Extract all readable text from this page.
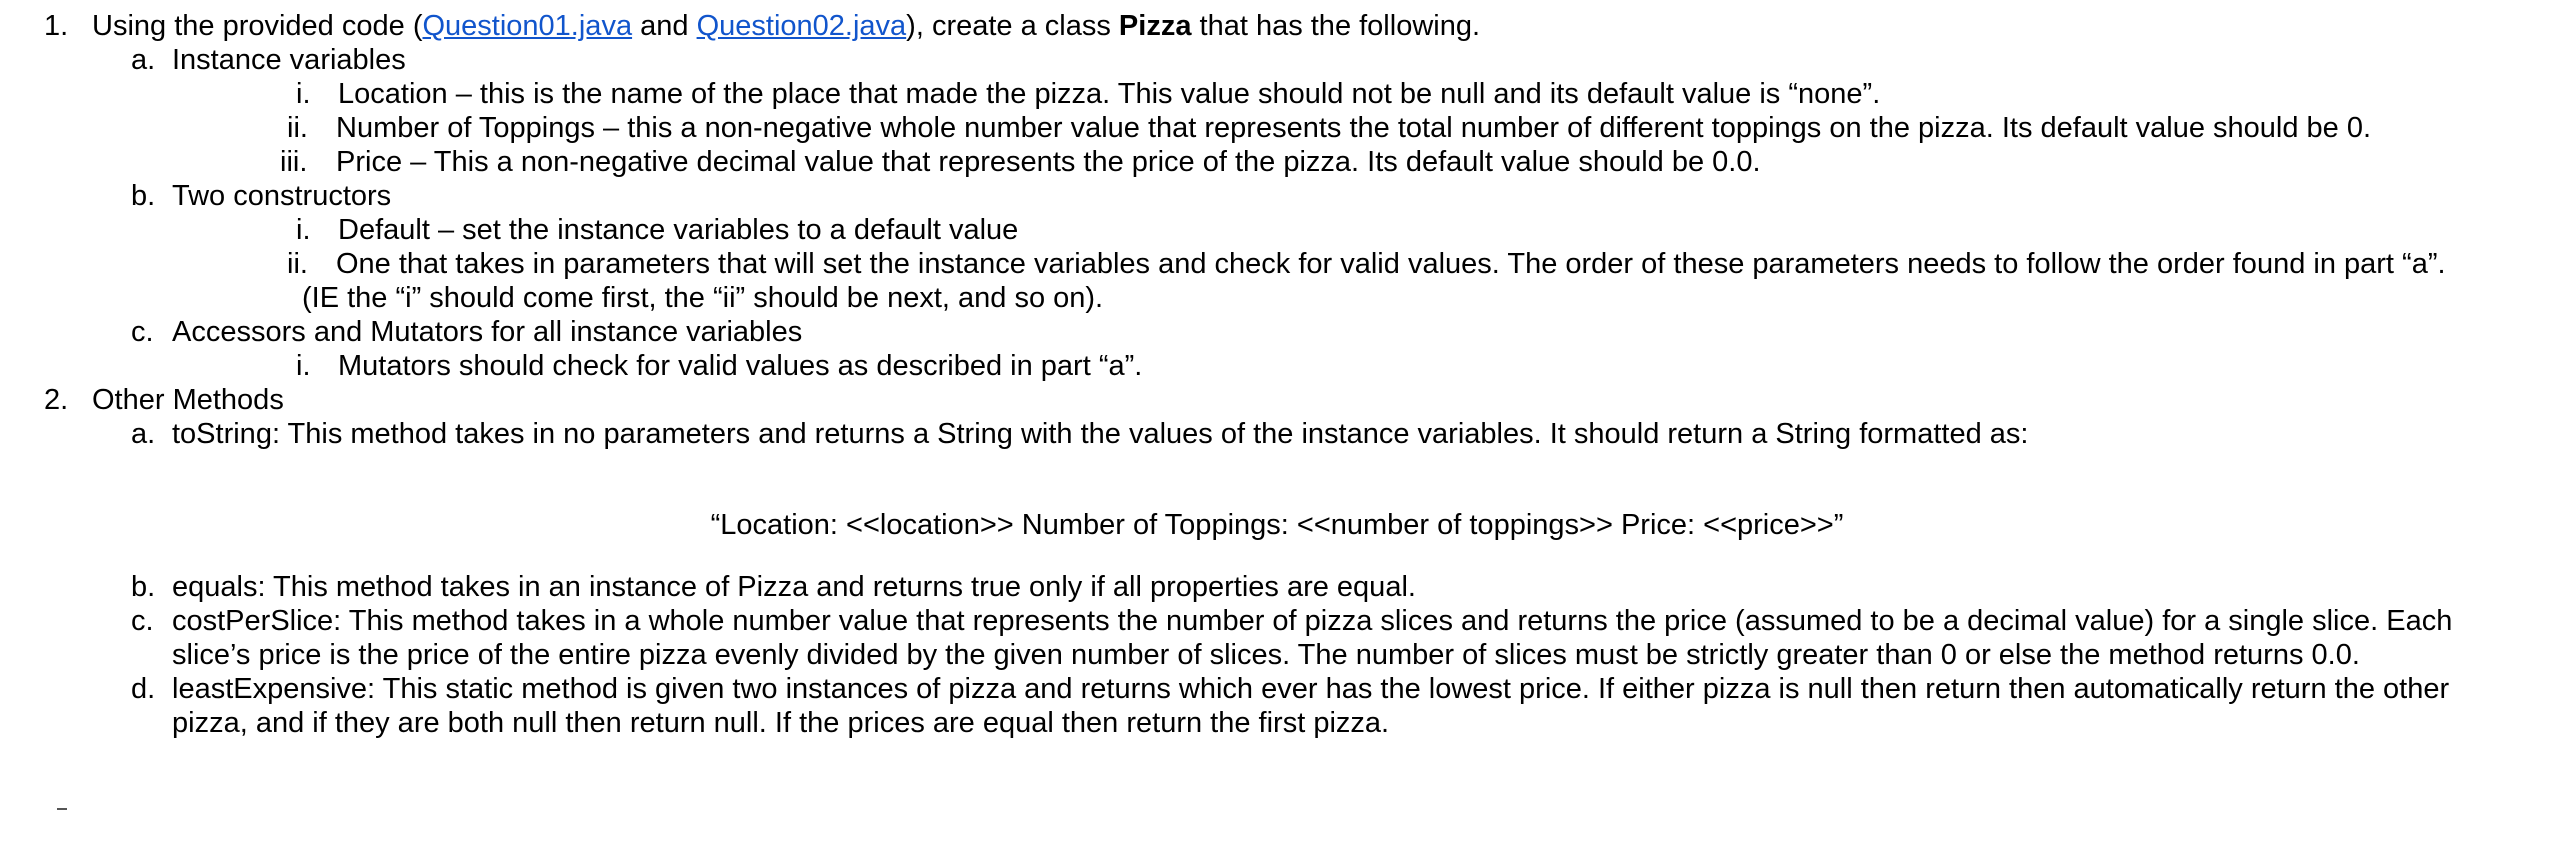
1. Using the provided code (Question01.java and Question02.java), create a class Pizza that has the following.
a. Instance variables
i. Location – this is the name of the place that made the pizza. This value should not be null and its default value is “none”.
ii. Number of Toppings – this a non-negative whole number value that represents the total number of different toppings on the pizza. Its default value should be 0.
iii. Price – This a non-negative decimal value that represents the price of the pizza. Its default value should be 0.0.
b. Two constructors
i. Default – set the instance variables to a default value
ii. One that takes in parameters that will set the instance variables and check for valid values. The order of these parameters needs to follow the order found in part “a”.
(IE the “i” should come first, the “ii” should be next, and so on).
c. Accessors and Mutators for all instance variables
i. Mutators should check for valid values as described in part “a”.
2. Other Methods
a. toString: This method takes in no parameters and returns a String with the values of the instance variables. It should return a String formatted as:
“Location: <<location>> Number of Toppings: <<number of toppings>> Price: <<price>>”
b. equals: This method takes in an instance of Pizza and returns true only if all properties are equal.
c. costPerSlice: This method takes in a whole number value that represents the number of pizza slices and returns the price (assumed to be a decimal value) for a single slice. Each
slice’s price is the price of the entire pizza evenly divided by the given number of slices. The number of slices must be strictly greater than 0 or else the method returns 0.0.
d. leastExpensive: This static method is given two instances of pizza and returns which ever has the lowest price. If either pizza is null then return then automatically return the other
pizza, and if they are both null then return null. If the prices are equal then return the first pizza.
